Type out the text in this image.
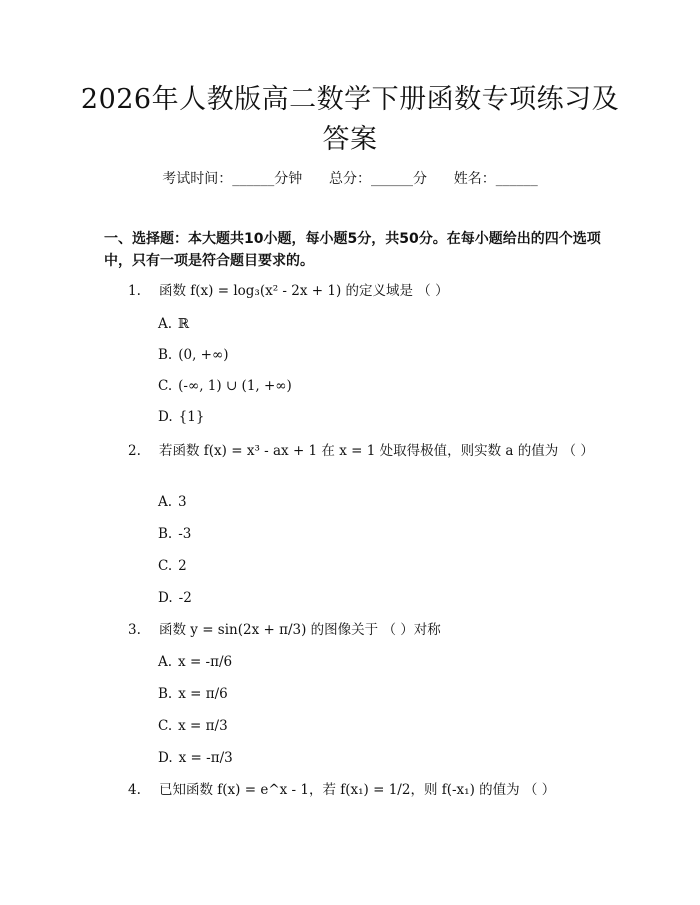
2026年人教版高二数学下册函数专项练习及答案
考试时间：______分钟 总分：______分 姓名：______
一、选择题：本大题共10小题，每小题5分，共50分。在每小题给出的四个选项中，只有一项是符合题目要求的。
1. 函数 f(x) = log₃(x² - 2x + 1) 的定义域是 （ ）
A. ℝ
B. (0, +∞)
C. (-∞, 1) ∪ (1, +∞)
D. {1}
2. 若函数 f(x) = x³ - ax + 1 在 x = 1 处取得极值，则实数 a 的值为 （ ）
A. 3
B. -3
C. 2
D. -2
3. 函数 y = sin(2x + π/3) 的图像关于 （ ）对称
A. x = -π/6
B. x = π/6
C. x = π/3
D. x = -π/3
4. 已知函数 f(x) = e^x - 1，若 f(x₁) = 1/2，则 f(-x₁) 的值为 （ ）
